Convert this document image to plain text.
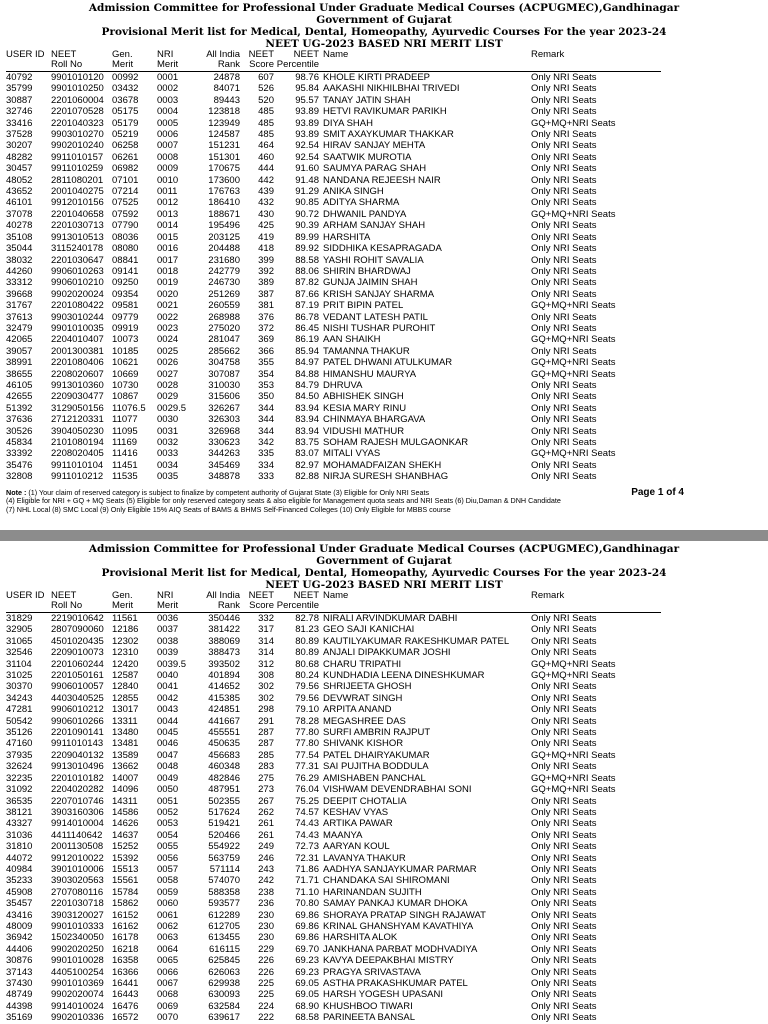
Admission Committee for Professional Under Graduate Medical Courses (ACPUGMEC),Gandhinagar
Government of Gujarat
Provisional Merit list for Medical, Dental, Homeopathy, Ayurvedic Courses For the year 2023-24
NEET UG-2023 BASED NRI MERIT LIST
USER ID	NEET	Gen.	NRI	All India	NEET	NEET	Name	Remark
	Roll No	Merit	Merit	Rank	Score	Percentile		
40792	9901010120	00992	0001	24878	607	98.76	KHOLE KIRTI PRADEEP	Only NRI Seats
35799	9901010250	03432	0002	84071	526	95.84	AAKASHI NIKHILBHAI TRIVEDI	Only NRI Seats
30887	2201060004	03678	0003	89443	520	95.57	TANAY JATIN SHAH	Only NRI Seats
32746	2201070528	05175	0004	123818	485	93.89	HETVI RAVIKUMAR PARIKH	Only NRI Seats
33416	2201040323	05179	0005	123949	485	93.89	DIYA SHAH	GQ+MQ+NRI Seats
37528	9903010270	05219	0006	124587	485	93.89	SMIT AXAYKUMAR THAKKAR	Only NRI Seats
30207	9902010240	06258	0007	151231	464	92.54	HIRAV SANJAY MEHTA	Only NRI Seats
48282	9911010157	06261	0008	151301	460	92.54	SAATWIK MUROTIA	Only NRI Seats
30457	9911010259	06982	0009	170675	444	91.60	SAUMYA PARAG SHAH	Only NRI Seats
48052	2811080201	07101	0010	173600	442	91.48	NANDANA REJEESH NAIR	Only NRI Seats
43652	2001040275	07214	0011	176763	439	91.29	ANIKA SINGH	Only NRI Seats
46101	9912010156	07525	0012	186410	432	90.85	ADITYA SHARMA	Only NRI Seats
37078	2201040658	07592	0013	188671	430	90.72	DHWANIL PANDYA	GQ+MQ+NRI Seats
40278	2201030713	07790	0014	195496	425	90.39	ARHAM SANJAY SHAH	Only NRI Seats
35108	9913010513	08036	0015	203125	419	89.99	HARSHITA	Only NRI Seats
35044	3115240178	08080	0016	204488	418	89.92	SIDDHIKA KESAPRAGADA	Only NRI Seats
38032	2201030647	08841	0017	231680	399	88.58	YASHI ROHIT SAVALIA	Only NRI Seats
44260	9906010263	09141	0018	242779	392	88.06	SHIRIN BHARDWAJ	Only NRI Seats
33312	9906010210	09250	0019	246730	389	87.82	GUNJA JAIMIN SHAH	Only NRI Seats
39668	9902020024	09354	0020	251269	387	87.66	KRISH SANJAY SHARMA	Only NRI Seats
31767	2201080422	09581	0021	260559	381	87.19	PRIT BIPIN PATEL	GQ+MQ+NRI Seats
37613	9903010244	09779	0022	268988	376	86.78	VEDANT LATESH PATIL	Only NRI Seats
32479	9901010035	09919	0023	275020	372	86.45	NISHI TUSHAR PUROHIT	Only NRI Seats
42065	2204010407	10073	0024	281047	369	86.19	AAN SHAIKH	GQ+MQ+NRI Seats
39057	2001300381	10185	0025	285662	366	85.94	TAMANNA THAKUR	Only NRI Seats
38991	2201080406	10621	0026	304758	355	84.97	PATEL DHWANI ATULKUMAR	GQ+MQ+NRI Seats
38655	2208020607	10669	0027	307087	354	84.88	HIMANSHU MAURYA	GQ+MQ+NRI Seats
46105	9913010360	10730	0028	310030	353	84.79	DHRUVA	Only NRI Seats
42655	2209030477	10867	0029	315606	350	84.50	ABHISHEK SINGH	Only NRI Seats
51392	3129050156	11076.5	0029.5	326267	344	83.94	KESIA MARY RINU	Only NRI Seats
37636	2712120331	11077	0030	326303	344	83.94	CHINMAYA BHARGAVA	Only NRI Seats
30526	3904050230	11095	0031	326968	344	83.94	VIDUSHI MATHUR	Only NRI Seats
45834	2101080194	11169	0032	330623	342	83.75	SOHAM RAJESH MULGAONKAR	Only NRI Seats
33392	2208020405	11416	0033	344263	335	83.07	MITALI VYAS	GQ+MQ+NRI Seats
35476	9911010104	11451	0034	345469	334	82.97	MOHAMADFAIZAN SHEKH	Only NRI Seats
32808	9911010212	11535	0035	348878	333	82.88	NIRJA SURESH SHANBHAG	Only NRI Seats
Note : (1) Your claim of reserved category is subject to finalize by competent authority of Gujarat State (3) Eligible for Only NRI Seats
(4) Eligible for NRI + GQ + MQ Seats (5) Eligible for only reserved category seats & also eligible for Management quota seats and NRI Seats (6) Diu,Daman & DNH Candidate
(7) NHL Local (8) SMC Local (9) Only Eligible 15% AIQ Seats of BAMS & BHMS Self-Financed Colleges (10) Only Eligible for MBBS course
Page 1 of 4
Admission Committee for Professional Under Graduate Medical Courses (ACPUGMEC),Gandhinagar
Government of Gujarat
Provisional Merit list for Medical, Dental, Homeopathy, Ayurvedic Courses For the year 2023-24
NEET UG-2023 BASED NRI MERIT LIST
USER ID	NEET	Gen.	NRI	All India	NEET	NEET	Name	Remark
	Roll No	Merit	Merit	Rank	Score	Percentile		
31829	2219010642	11561	0036	350446	332	82.78	NIRALI ARVINDKUMAR DABHI	Only NRI Seats
32905	2807090060	12186	0037	381422	317	81.23	GEO SAJI KANICHAI	Only NRI Seats
31065	4501020435	12302	0038	388069	314	80.89	KAUTILYAKUMAR RAKESHKUMAR PATEL	Only NRI Seats
32546	2209010073	12310	0039	388473	314	80.89	ANJALI DIPAKKUMAR JOSHI	Only NRI Seats
31104	2201060244	12420	0039.5	393502	312	80.68	CHARU TRIPATHI	GQ+MQ+NRI Seats
31025	2201050161	12587	0040	401894	308	80.24	KUNDHADIA LEENA DINESHKUMAR	GQ+MQ+NRI Seats
30370	9906010057	12840	0041	414652	302	79.56	SHRIJEETA GHOSH	Only NRI Seats
34243	4403040525	12855	0042	415385	302	79.56	DEVWRAT SINGH	Only NRI Seats
47281	9906010212	13017	0043	424851	298	79.10	ARPITA ANAND	Only NRI Seats
50542	9906010266	13311	0044	441667	291	78.28	MEGASHREE DAS	Only NRI Seats
35126	2201090141	13480	0045	455551	287	77.80	SURFI AMBRIN RAJPUT	Only NRI Seats
47160	9911010143	13481	0046	450635	287	77.80	SHIVANK KISHOR	Only NRI Seats
37935	2209040132	13589	0047	456683	285	77.54	PATEL DHAIRYAKUMAR	GQ+MQ+NRI Seats
32624	9913010496	13662	0048	460348	283	77.31	SAI PUJITHA BODDULA	Only NRI Seats
32235	2201010182	14007	0049	482846	275	76.29	AMISHABEN PANCHAL	GQ+MQ+NRI Seats
31092	2204020282	14096	0050	487951	273	76.04	VISHWAM DEVENDRABHAI SONI	GQ+MQ+NRI Seats
36535	2207010746	14311	0051	502355	267	75.25	DEEPIT CHOTALIA	Only NRI Seats
38121	3903160306	14586	0052	517624	262	74.57	KESHAV VYAS	Only NRI Seats
43327	9914010004	14626	0053	519421	261	74.43	ARTIKA PAWAR	Only NRI Seats
31036	4411140642	14637	0054	520466	261	74.43	MAANYA	Only NRI Seats
31810	2001130508	15252	0055	554922	249	72.73	AARYAN KOUL	Only NRI Seats
44072	9912010022	15392	0056	563759	246	72.31	LAVANYA THAKUR	Only NRI Seats
40984	3901010006	15513	0057	571114	243	71.86	AADHYA SANJAYKUMAR PARMAR	Only NRI Seats
35233	3903020563	15561	0058	574070	242	71.71	CHANDAKA SAI SHIROMANI	Only NRI Seats
45908	2707080116	15784	0059	588358	238	71.10	HARINANDAN SUJITH	Only NRI Seats
35457	2201030718	15862	0060	593577	236	70.80	SAMAY PANKAJ KUMAR DHOKA	Only NRI Seats
43416	3903120027	16152	0061	612289	230	69.86	SHORAYA PRATAP SINGH RAJAWAT	Only NRI Seats
48009	9901010333	16162	0062	612705	230	69.86	KRINAL GHANSHYAM KAVATHIYA	Only NRI Seats
36942	1502340050	16178	0063	613455	230	69.86	HARSHITA ALOK	Only NRI Seats
44406	9902020250	16218	0064	616115	229	69.70	JANKHANA PARBAT MODHVADIYA	Only NRI Seats
30876	9901010028	16358	0065	625845	226	69.23	KAVYA DEEPAKBHAI MISTRY	Only NRI Seats
37143	4405100254	16366	0066	626063	226	69.23	PRAGYA SRIVASTAVA	Only NRI Seats
37430	9901010369	16441	0067	629938	225	69.05	ASTHA PRAKASHKUMAR PATEL	Only NRI Seats
48749	9902020074	16443	0068	630093	225	69.05	HARSH YOGESH UPASANI	Only NRI Seats
44398	9914010024	16476	0069	632584	224	68.90	KHUSHBOO TIWARI	Only NRI Seats
35169	9902010336	16572	0070	639617	222	68.58	PARINEETA BANSAL	Only NRI Seats
